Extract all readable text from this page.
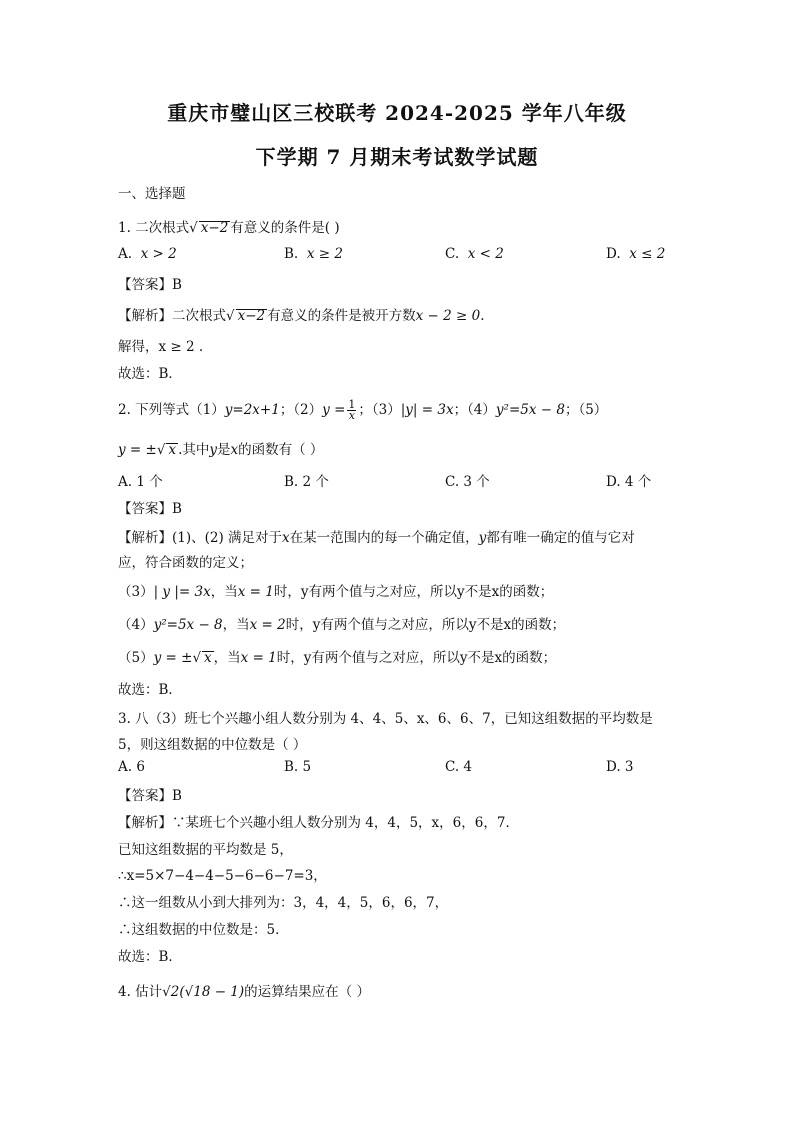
重庆市璧山区三校联考 2024-2025 学年八年级
下学期 7 月期末考试数学试题
一、选择题
1. 二次根式√ x−2 有意义的条件是( )
A. x > 2	B. x ≥ 2	C. x < 2	D. x ≤ 2
【答案】B
【解析】二次根式√ x−2 有意义的条件是被开方数x − 2 ≥ 0.
解得，x ≥ 2 .
故选：B．
2. 下列等式（1）y=2x+1；$(2)y = \frac{1}{x}$ ；（3）|y| = 3x；（4）y²=5x − 8；（5）
y = ±√ x .其中y是x的函数有（ ）
A. 1 个	B. 2 个	C. 3 个	D. 4 个
【答案】B
【解析】(1)、(2) 满足对于x在某一范围内的每一个确定值，y都有唯一确定的值与它对
应，符合函数的定义；
（3）| y |= 3x，当x = 1时，y有两个值与之对应，所以y不是x的函数；
（4）y²=5x − 8，当x = 2时，y有两个值与之对应，所以y不是x的函数；
（5）y = ±√ x ，当x = 1时，y有两个值与之对应，所以y不是x的函数；
故选：B．
3. 八（3）班七个兴趣小组人数分别为 4、4、5、x、6、6、7，已知这组数据的平均数是
5，则这组数据的中位数是（ ）
A. 6	B. 5	C. 4	D. 3
【答案】B
【解析】∵某班七个兴趣小组人数分别为 4，4，5，x，6，6，7．
已知这组数据的平均数是 5，
∴x=5×7−4−4−5−6−6−7=3，
∴这一组数从小到大排列为：3，4，4，5，6，6，7，
∴这组数据的中位数是：5．
故选：B．
4. 估计√2(√18 − 1)的运算结果应在（ ）
